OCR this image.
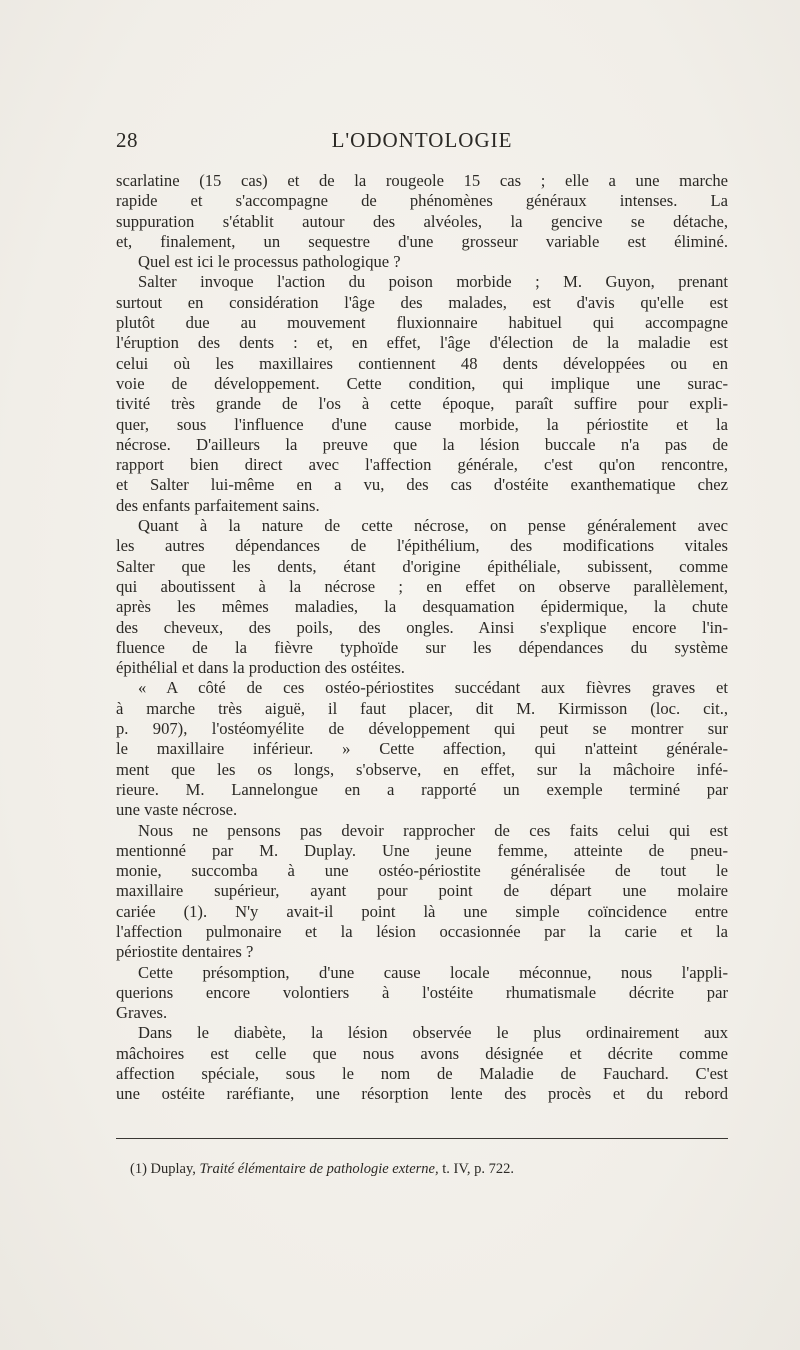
28	L'ODONTOLOGIE
scarlatine (15 cas) et de la rougeole 15 cas ; elle a une marche
rapide et s'accompagne de phénomènes généraux intenses. La
suppuration s'établit autour des alvéoles, la gencive se détache,
et, finalement, un sequestre d'une grosseur variable est éliminé.
Quel est ici le processus pathologique ?
Salter invoque l'action du poison morbide ; M. Guyon, prenant
surtout en considération l'âge des malades, est d'avis qu'elle est
plutôt due au mouvement fluxionnaire habituel qui accompagne
l'éruption des dents : et, en effet, l'âge d'élection de la maladie est
celui où les maxillaires contiennent 48 dents développées ou en
voie de développement. Cette condition, qui implique une surac-
tivité très grande de l'os à cette époque, paraît suffire pour expli-
quer, sous l'influence d'une cause morbide, la périostite et la
nécrose. D'ailleurs la preuve que la lésion buccale n'a pas de
rapport bien direct avec l'affection générale, c'est qu'on rencontre,
et Salter lui-même en a vu, des cas d'ostéite exanthematique chez
des enfants parfaitement sains.
Quant à la nature de cette nécrose, on pense généralement avec
les autres dépendances de l'épithélium, des modifications vitales
Salter que les dents, étant d'origine épithéliale, subissent, comme
qui aboutissent à la nécrose ; en effet on observe parallèlement,
après les mêmes maladies, la desquamation épidermique, la chute
des cheveux, des poils, des ongles. Ainsi s'explique encore l'in-
fluence de la fièvre typhoïde sur les dépendances du système
épithélial et dans la production des ostéites.
« A côté de ces ostéo-périostites succédant aux fièvres graves et
à marche très aiguë, il faut placer, dit M. Kirmisson (loc. cit.,
p. 907), l'ostéomyélite de développement qui peut se montrer sur
le maxillaire inférieur. » Cette affection, qui n'atteint générale-
ment que les os longs, s'observe, en effet, sur la mâchoire infé-
rieure. M. Lannelongue en a rapporté un exemple terminé par
une vaste nécrose.
Nous ne pensons pas devoir rapprocher de ces faits celui qui est
mentionné par M. Duplay. Une jeune femme, atteinte de pneu-
monie, succomba à une ostéo-périostite généralisée de tout le
maxillaire supérieur, ayant pour point de départ une molaire
cariée (1). N'y avait-il point là une simple coïncidence entre
l'affection pulmonaire et la lésion occasionnée par la carie et la
périostite dentaires ?
Cette présomption, d'une cause locale méconnue, nous l'appli-
querions encore volontiers à l'ostéite rhumatismale décrite par
Graves.
Dans le diabète, la lésion observée le plus ordinairement aux
mâchoires est celle que nous avons désignée et décrite comme
affection spéciale, sous le nom de Maladie de Fauchard. C'est
une ostéite raréfiante, une résorption lente des procès et du rebord
(1) Duplay, Traité élémentaire de pathologie externe, t. IV, p. 722.
